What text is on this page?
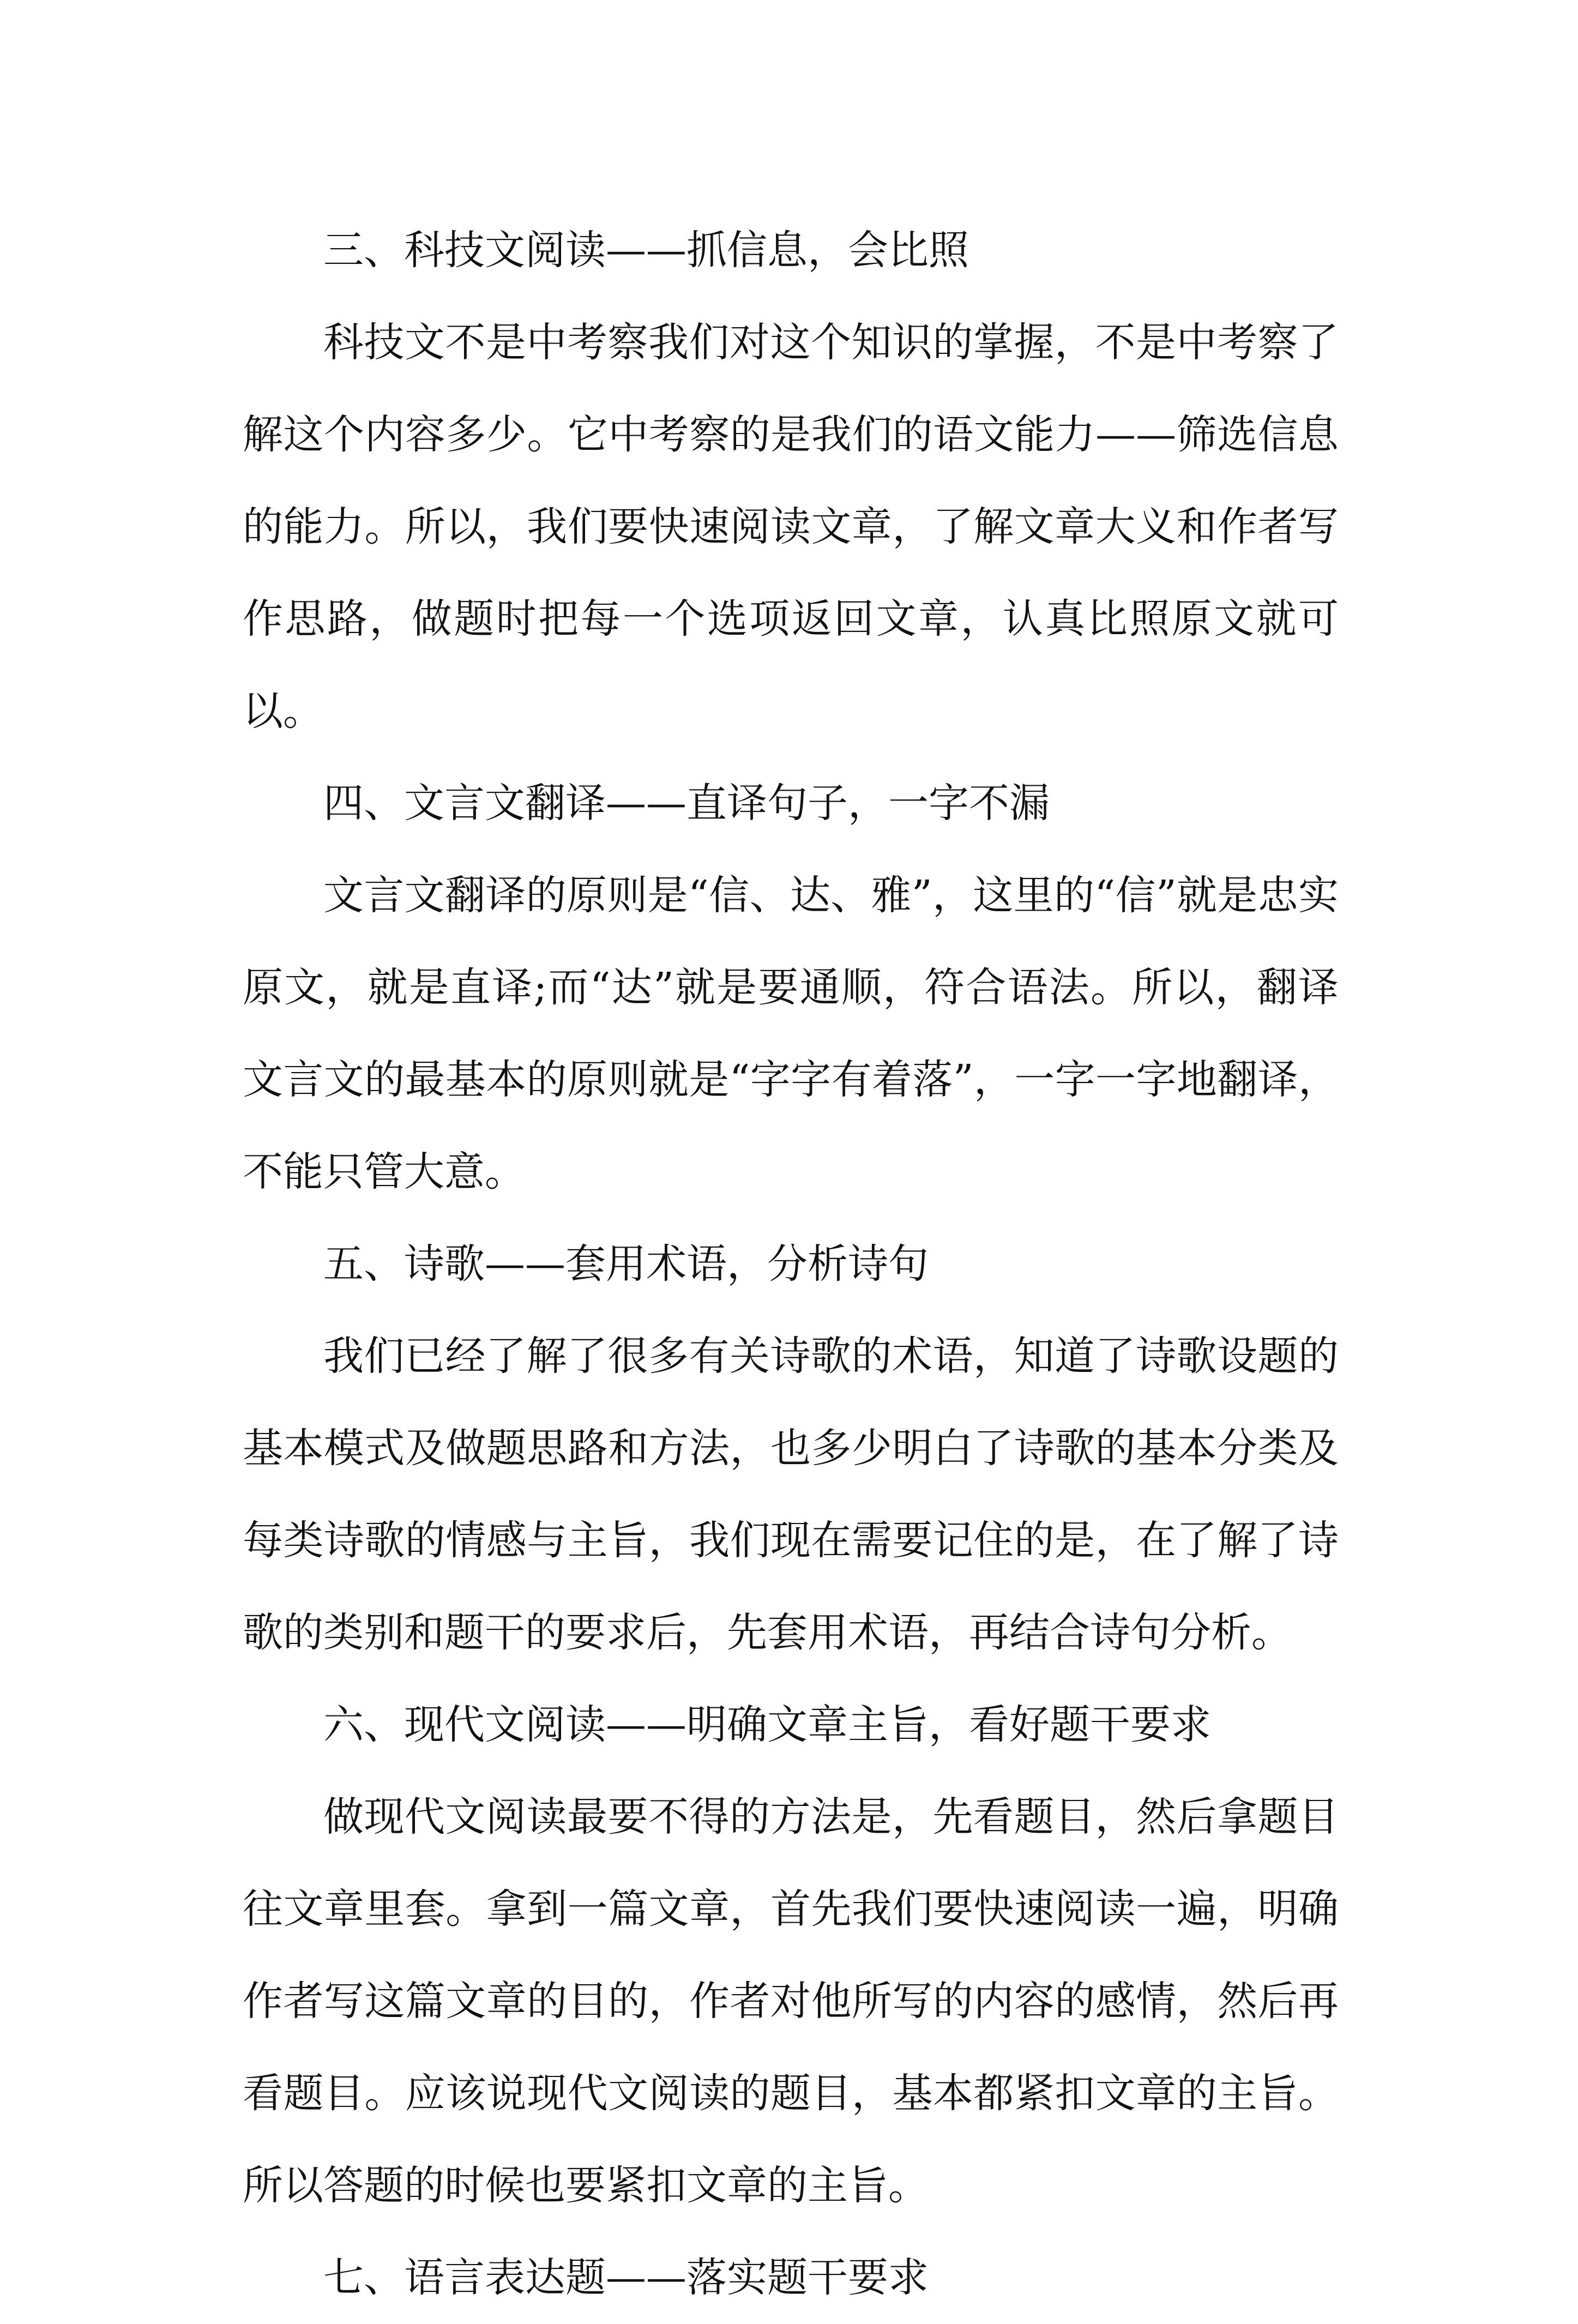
三、科技文阅读——抓信息，会比照

科技文不是中考察我们对这个知识的掌握，不是中考察了解这个内容多少。它中考察的是我们的语文能力——筛选信息的能力。所以，我们要快速阅读文章，了解文章大义和作者写作思路，做题时把每一个选项返回文章，认真比照原文就可以。

四、文言文翻译——直译句子，一字不漏

文言文翻译的原则是“信、达、雅”，这里的“信”就是忠实原文，就是直译;而“达”就是要通顺，符合语法。所以，翻译文言文的最基本的原则就是“字字有着落”，一字一字地翻译，不能只管大意。

五、诗歌——套用术语，分析诗句

我们已经了解了很多有关诗歌的术语，知道了诗歌设题的基本模式及做题思路和方法，也多少明白了诗歌的基本分类及每类诗歌的情感与主旨，我们现在需要记住的是，在了解了诗歌的类别和题干的要求后，先套用术语，再结合诗句分析。

六、现代文阅读——明确文章主旨，看好题干要求

做现代文阅读最要不得的方法是，先看题目，然后拿题目往文章里套。拿到一篇文章，首先我们要快速阅读一遍，明确作者写这篇文章的目的，作者对他所写的内容的感情，然后再看题目。应该说现代文阅读的题目，基本都紧扣文章的主旨。所以答题的时候也要紧扣文章的主旨。

七、语言表达题——落实题干要求
